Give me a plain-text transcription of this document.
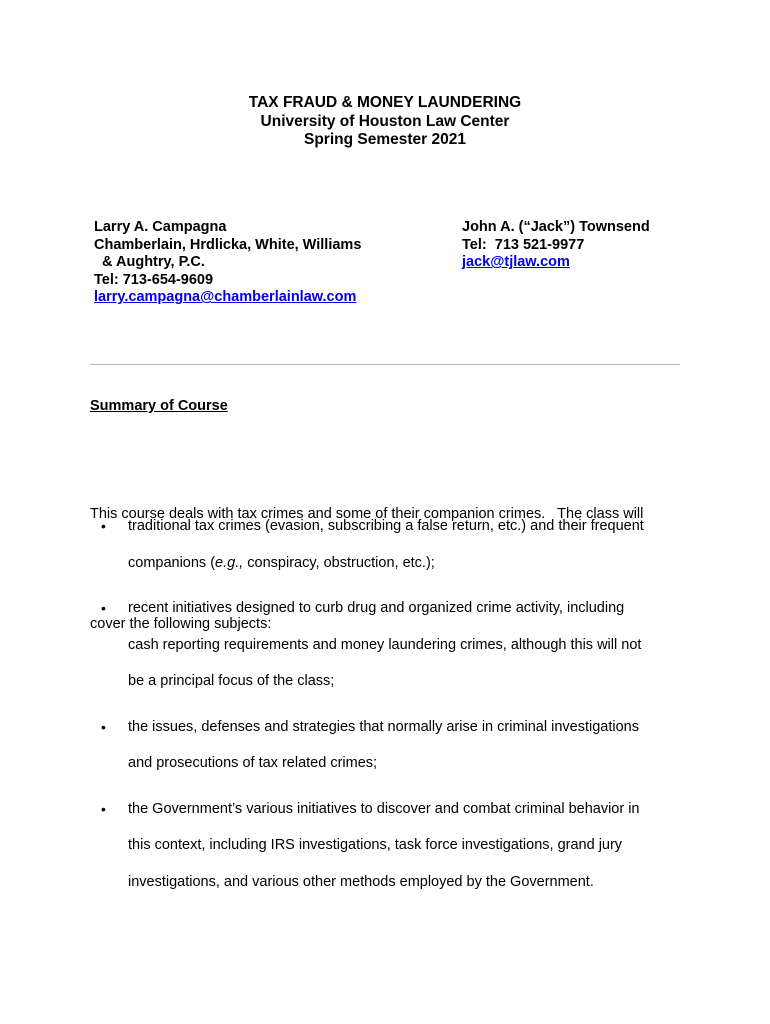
TAX FRAUD & MONEY LAUNDERING
University of Houston Law Center
Spring Semester 2021
Larry A. Campagna
Chamberlain, Hrdlicka, White, Williams
& Aughtry, P.C.
Tel: 713-654-9609
larry.campagna@chamberlainlaw.com
John A. (“Jack”) Townsend
Tel:  713 521-9977
jack@tjlaw.com
Summary of Course

This course deals with tax crimes and some of their companion crimes.   The class will

cover the following subjects:

• traditional tax crimes (evasion, subscribing a false return, etc.) and their frequent
companions (e.g., conspiracy, obstruction, etc.);
• recent initiatives designed to curb drug and organized crime activity, including
cash reporting requirements and money laundering crimes, although this will not
be a principal focus of the class;
• the issues, defenses and strategies that normally arise in criminal investigations
and prosecutions of tax related crimes;
• the Government’s various initiatives to discover and combat criminal behavior in
this context, including IRS investigations, task force investigations, grand jury
investigations, and various other methods employed by the Government.
